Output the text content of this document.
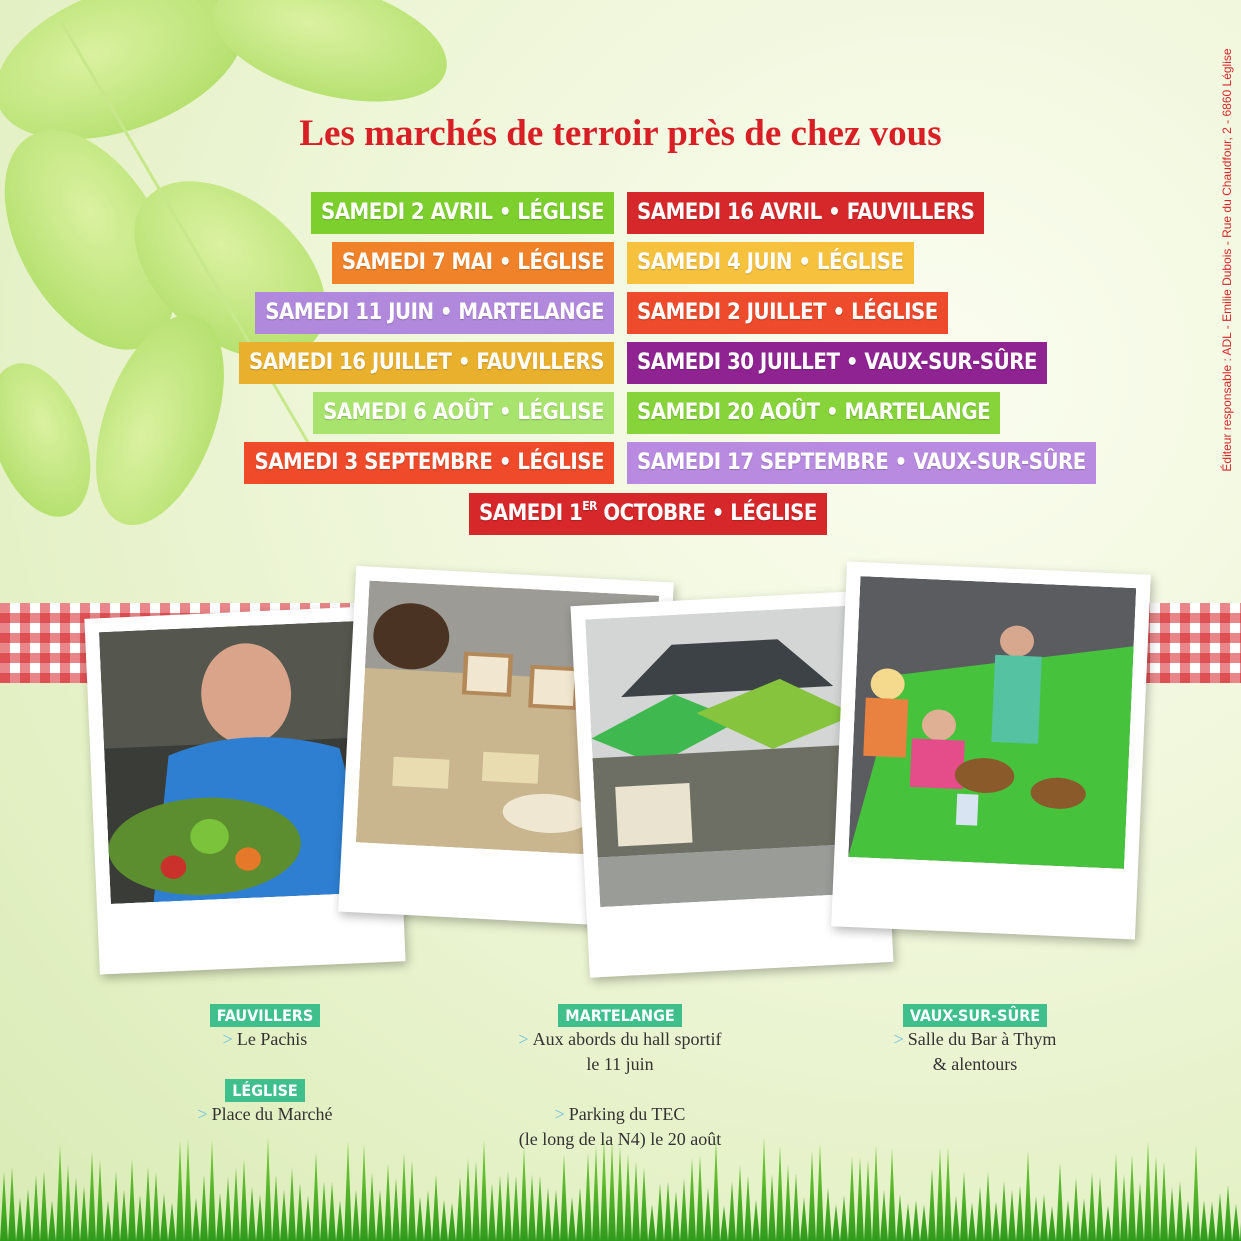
Éditeur responsable : ADL - Emilie Dubois - Rue du Chaudfour, 2 - 6860 Léglise
Les marchés de terroir près de chez vous
SAMEDI 2 AVRIL • LÉGLISE
SAMEDI 7 MAI • LÉGLISE
SAMEDI 11 JUIN • MARTELANGE
SAMEDI 16 JUILLET • FAUVILLERS
SAMEDI 6 AOÛT • LÉGLISE
SAMEDI 3 SEPTEMBRE • LÉGLISE
SAMEDI 16 AVRIL • FAUVILLERS
SAMEDI 4 JUIN • LÉGLISE
SAMEDI 2 JUILLET • LÉGLISE
SAMEDI 30 JUILLET • VAUX-SUR-SÛRE
SAMEDI 20 AOÛT • MARTELANGE
SAMEDI 17 SEPTEMBRE • VAUX-SUR-SÛRE
SAMEDI 1ER OCTOBRE • LÉGLISE
FAUVILLERS
> Le Pachis
LÉGLISE
> Place du Marché
MARTELANGE
> Aux abords du hall sportif
le 11 juin
> Parking du TEC
(le long de la N4) le 20 août
VAUX-SUR-SÛRE
> Salle du Bar à Thym
& alentours
